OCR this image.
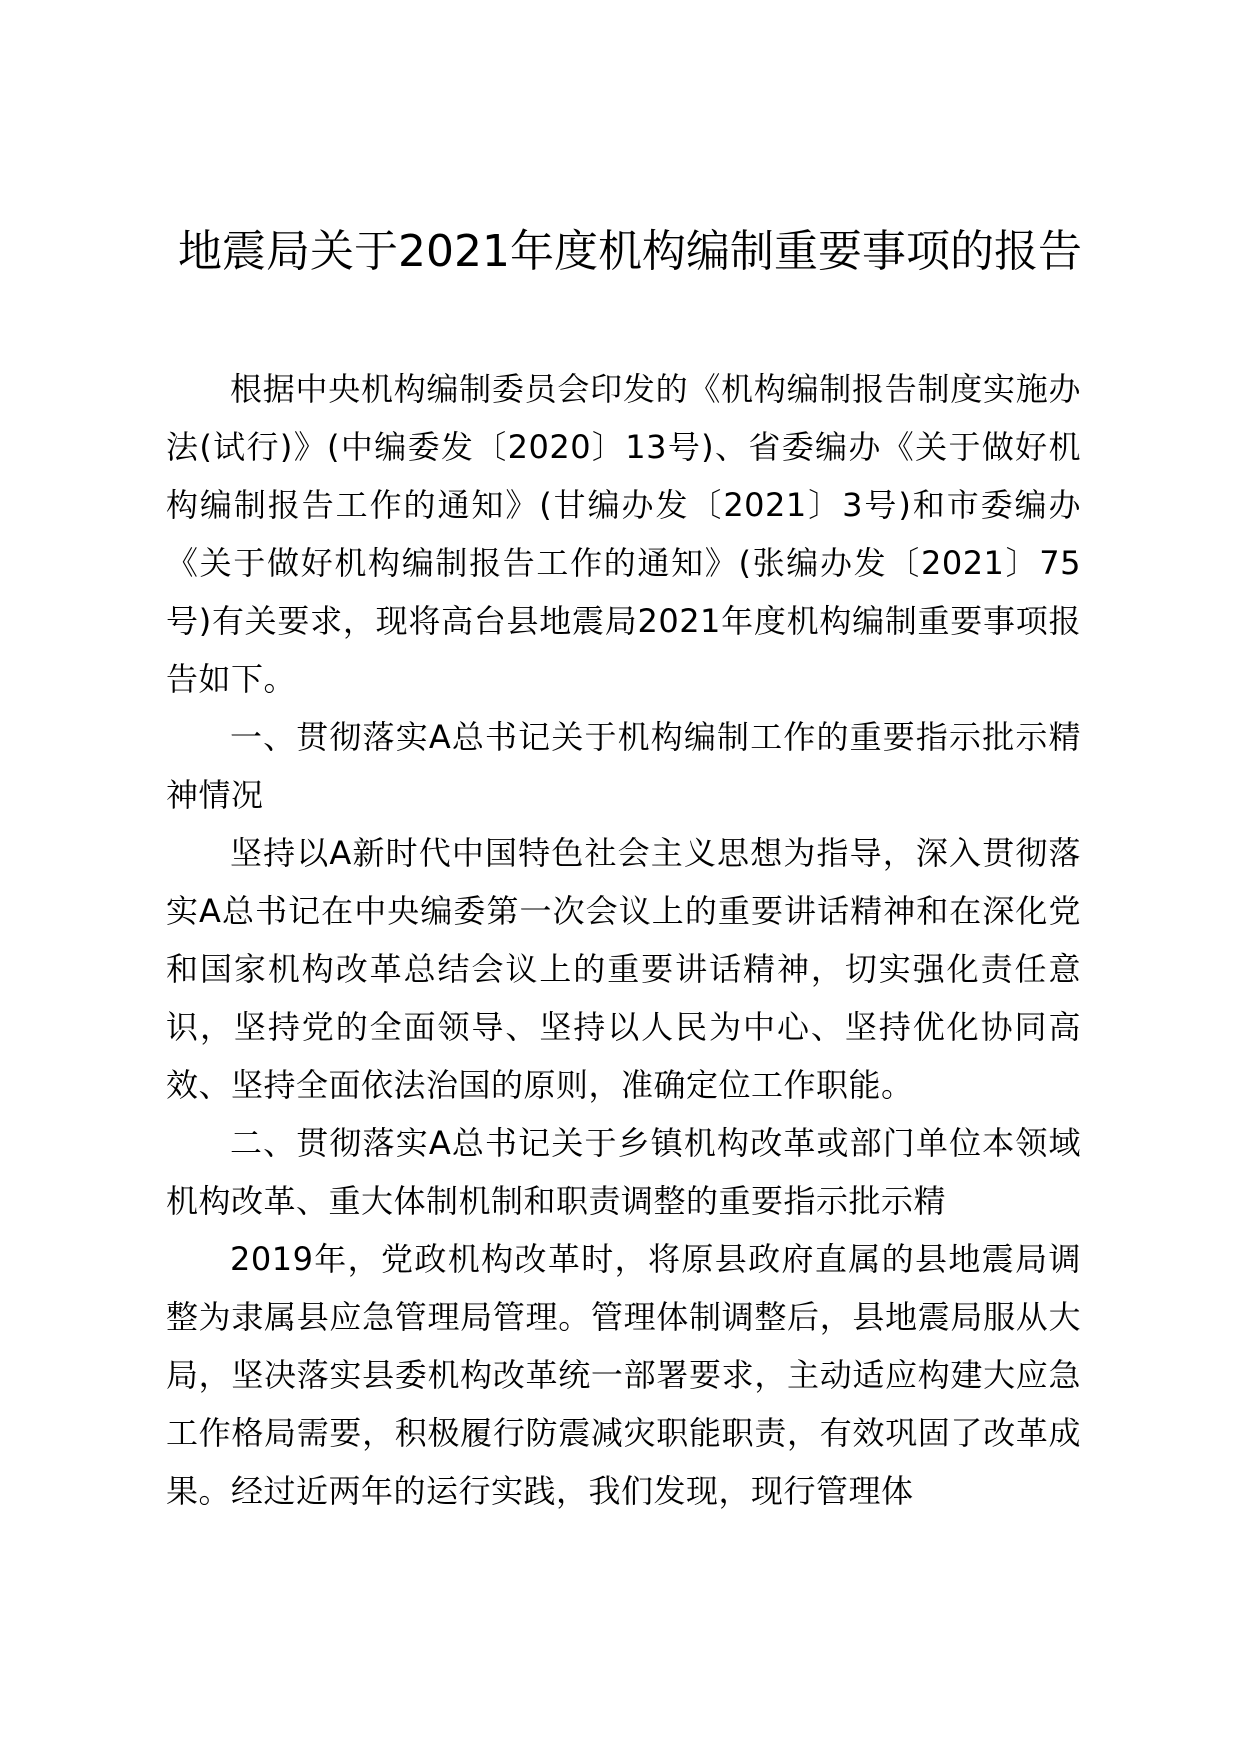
地震局关于2021年度机构编制重要事项的报告

根据中央机构编制委员会印发的《机构编制报告制度实施办法(试行)》(中编委发〔2020〕13号)、省委编办《关于做好机构编制报告工作的通知》(甘编办发〔2021〕3号)和市委编办《关于做好机构编制报告工作的通知》(张编办发〔2021〕75号)有关要求，现将高台县地震局2021年度机构编制重要事项报告如下。

一、贯彻落实A总书记关于机构编制工作的重要指示批示精神情况

坚持以A新时代中国特色社会主义思想为指导，深入贯彻落实A总书记在中央编委第一次会议上的重要讲话精神和在深化党和国家机构改革总结会议上的重要讲话精神，切实强化责任意识，坚持党的全面领导、坚持以人民为中心、坚持优化协同高效、坚持全面依法治国的原则，准确定位工作职能。

二、贯彻落实A总书记关于乡镇机构改革或部门单位本领域机构改革、重大体制机制和职责调整的重要指示批示精

2019年，党政机构改革时，将原县政府直属的县地震局调整为隶属县应急管理局管理。管理体制调整后，县地震局服从大局，坚决落实县委机构改革统一部署要求，主动适应构建大应急工作格局需要，积极履行防震减灾职能职责，有效巩固了改革成果。经过近两年的运行实践，我们发现，现行管理体
